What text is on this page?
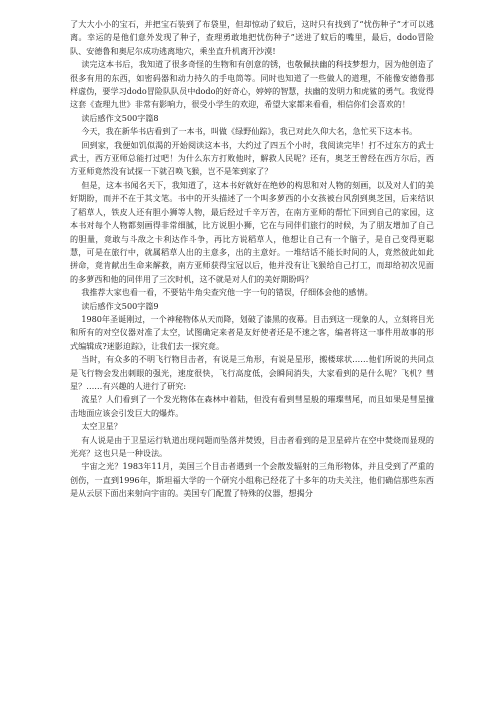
了大大小小的宝石，并把宝石装到了布袋里，但却惊动了蚊后，这时只有找到了“忧伤种子”才可以逃离。幸运的是他们意外发现了种子，查理勇敢地把忧伤种子”送进了蚊后的嘴里，最后，dodo冒险队、安德鲁和奥尼尔成功逃离地穴，乘坐直升机离开沙漠!

读完这本书后，我知道了很多奇怪的生物和有创意的锈，也敬佩扶幽的科技梦想力，因为他创造了很多有用的东西，如密码器和动力持久的手电筒等。同时也知道了一些做人的道理，不能像安德鲁那样虚伪，要学习dodo冒险队队员中dodo的好奇心，婷婷的智慧，扶幽的发明力和虎鲨的勇气。我觉得这套《查理九世》非常有影响力，很受小学生的欢迎，希望大家都来看看，相信你们会喜欢的！

读后感作文500字篇8

今天，我在新华书店看到了一本书，叫做《绿野仙踪》，我已对此久仰大名，急忙买下这本书。

回到家，我便如饥似渴的开始阅读这本书，大约过了四五个小时，我阅读完毕！打不过东方的武士武士，西方亚师总能打过吧！为什么东方打败他时，解救人民呢？还有，奥芝王曾经在西方尔后，西方亚师竟然没有试探一下就召唤飞猴，岂不是笨到家了？

但是，这本书闻名天下，我知道了，这本书好就好在绝妙的构思和对人物的刻画，以及对人们的美好期盼，而并不在于其文笔。书中的开头描述了一个叫多萝西的小女孩被台风刮到奥芝国，后来结识了稻草人，铁皮人还有胆小狮等人物，最后经过千辛万苦，在南方亚师的帮忙下回到自己的家园，这本书对每个人物都刻画得非常细腻，比方说胆小狮，它在与同伴们旅行的时候，为了朋友增加了自己的胆量，竟敢与斗敌之卡利达作斗争，再比方说稻草人，他想让自己有一个脑子，是自己变得更聪慧，可是在旅行中，就属稻草人出的主意多，出的主意好。一堆结话不能长时间的人，竟然彼此如此拼命，竟肯献出生命来解救，南方亚师获得宝冠以后，他并没有让飞猴给自己打工，而却给初次见面的多萝西和他的同伴用了三次时机，这不就是对人们的美好期盼吗？

我推荐大家也看一看，不要钻牛角尖查究他一字一句的错误，仔细体会他的感情。

读后感作文500字篇9

1980年圣诞刚过，一个神秘物体从天而降，划破了漆黑的夜幕。目击到这一现象的人，立刻将目光和所有的对空仪器对准了太空，试图确定来者是友好使者还是不速之客，编者将这一事件用故事的形式编辑成?迷影迫踪》，让我们去一探究竟。

当时，有众多的不明飞行物目击者，有说是三角形，有说是星形，搬楼球状……他们所说的共同点是飞行物会发出刺眼的强光，速度很快，飞行高度低，会瞬间消失，大家看到的是什么呢？飞机？彗星？……有兴趣的人进行了研究:

流星？人们看到了一个发光物体在森林中着陆，但没有看到彗星般的璀璨彗尾，而且如果是彗星撞击地面应该会引发巨大的爆炸。

太空卫星？

有人说是由于卫星运行轨道出现问题而坠落并焚毁，目击者看到的是卫星碎片在空中焚烧而显现的光亮？这也只是一种设法。

宇宙之光？1983年11月，美国三个目击者遇到一个会散发辐射的三角形物体，并且受到了严重的创伤，一直到1996年，斯坦福大学的一个研究小组称已经花了十多年的功夫关注，他们确信那些东西是从云层下面出来射向宇宙的。美国专门配置了特殊的仪器，想揭分
